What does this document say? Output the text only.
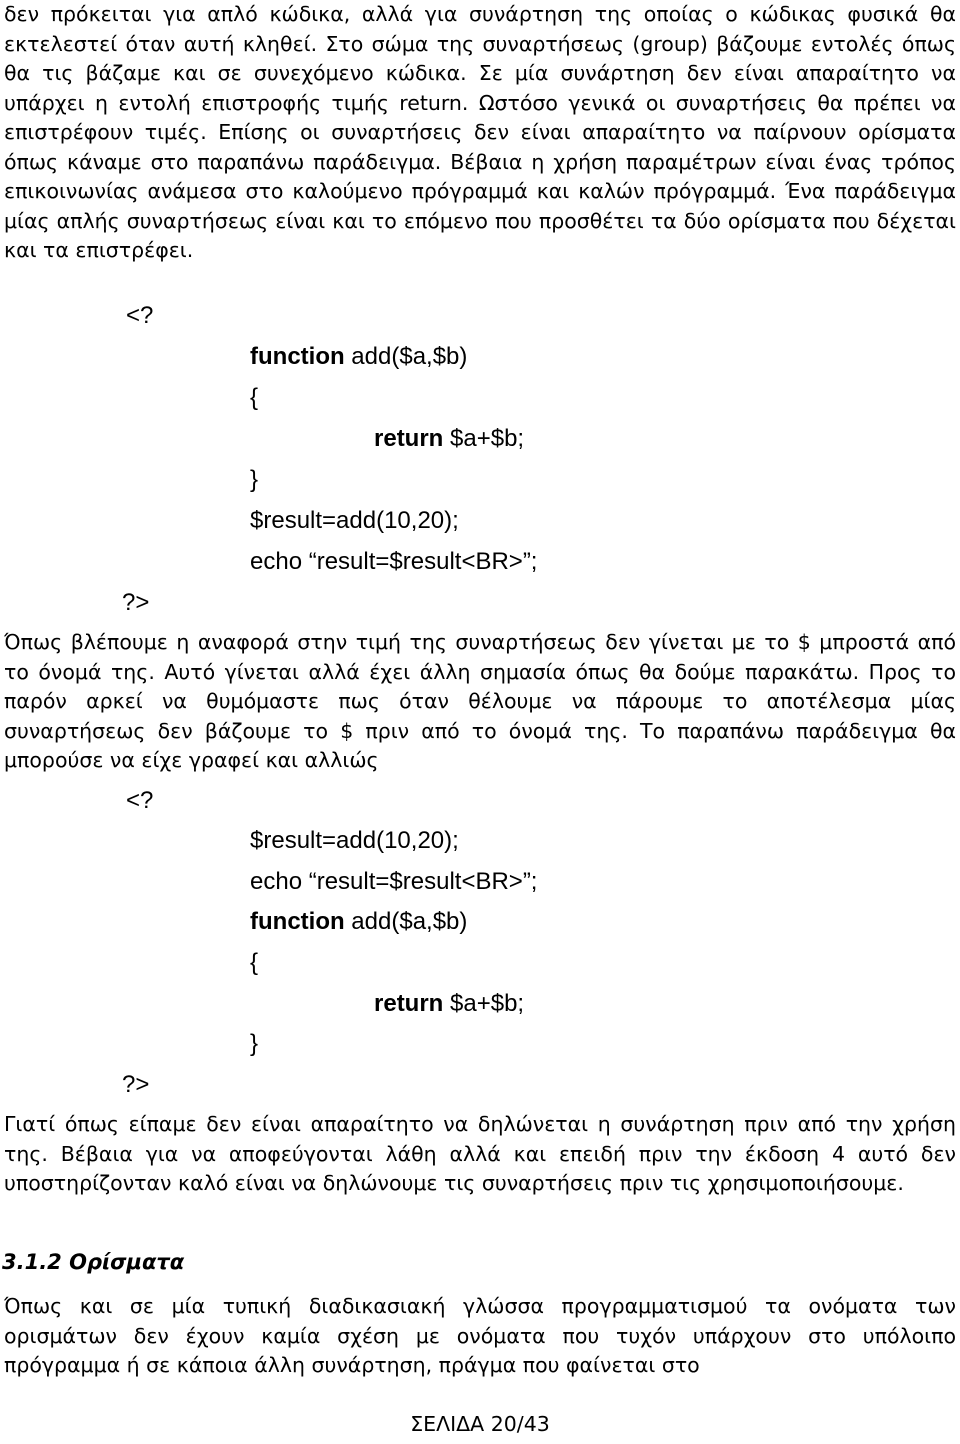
δεν πρόκειται για απλό κώδικα, αλλά για συνάρτηση της οποίας ο κώδικας φυσικά θα εκτελεστεί όταν αυτή κληθεί. Στο σώμα της συναρτήσεως (group) βάζουμε εντολές όπως θα τις βάζαμε και σε συνεχόμενο κώδικα. Σε μία συνάρτηση δεν είναι απαραίτητο να υπάρχει η εντολή επιστροφής τιμής return. Ωστόσο γενικά οι συναρτήσεις θα πρέπει να επιστρέφουν τιμές. Επίσης οι συναρτήσεις δεν είναι απαραίτητο να παίρνουν ορίσματα όπως κάναμε στο παραπάνω παράδειγμα. Βέβαια η χρήση παραμέτρων είναι ένας τρόπος επικοινωνίας ανάμεσα στο καλούμενο πρόγραμμά και καλών πρόγραμμά. Ένα παράδειγμα μίας απλής συναρτήσεως είναι και το επόμενο που προσθέτει τα δύο ορίσματα που δέχεται και τα επιστρέφει.

<?
function add($a,$b)
{
return $a+$b;
}
$result=add(10,20);
echo “result=$result<BR>”;
?>

Όπως βλέπουμε η αναφορά στην τιμή της συναρτήσεως δεν γίνεται με το $ μπροστά από το όνομά της. Αυτό γίνεται αλλά έχει άλλη σημασία όπως θα δούμε παρακάτω. Προς το παρόν αρκεί να θυμόμαστε πως όταν θέλουμε να πάρουμε το αποτέλεσμα μίας συναρτήσεως δεν βάζουμε το $ πριν από το όνομά της. Το παραπάνω παράδειγμα θα μπορούσε να είχε γραφεί και αλλιώς

<?
$result=add(10,20);
echo “result=$result<BR>”;
function add($a,$b)
{
return $a+$b;
}
?>

Γιατί όπως είπαμε δεν είναι απαραίτητο να δηλώνεται η συνάρτηση πριν από την χρήση της. Βέβαια για να αποφεύγονται λάθη αλλά και επειδή πριν την έκδοση 4 αυτό δεν υποστηρίζονταν καλό είναι να δηλώνουμε τις συναρτήσεις πριν τις χρησιμοποιήσουμε.

3.1.2 Ορίσματα

Όπως και σε μία τυπική διαδικασιακή γλώσσα προγραμματισμού τα ονόματα των ορισμάτων δεν έχουν καμία σχέση με ονόματα που τυχόν υπάρχουν στο υπόλοιπο πρόγραμμα ή σε κάποια άλλη συνάρτηση, πράγμα που φαίνεται στο

ΣΕΛΙΔΑ 20/43
